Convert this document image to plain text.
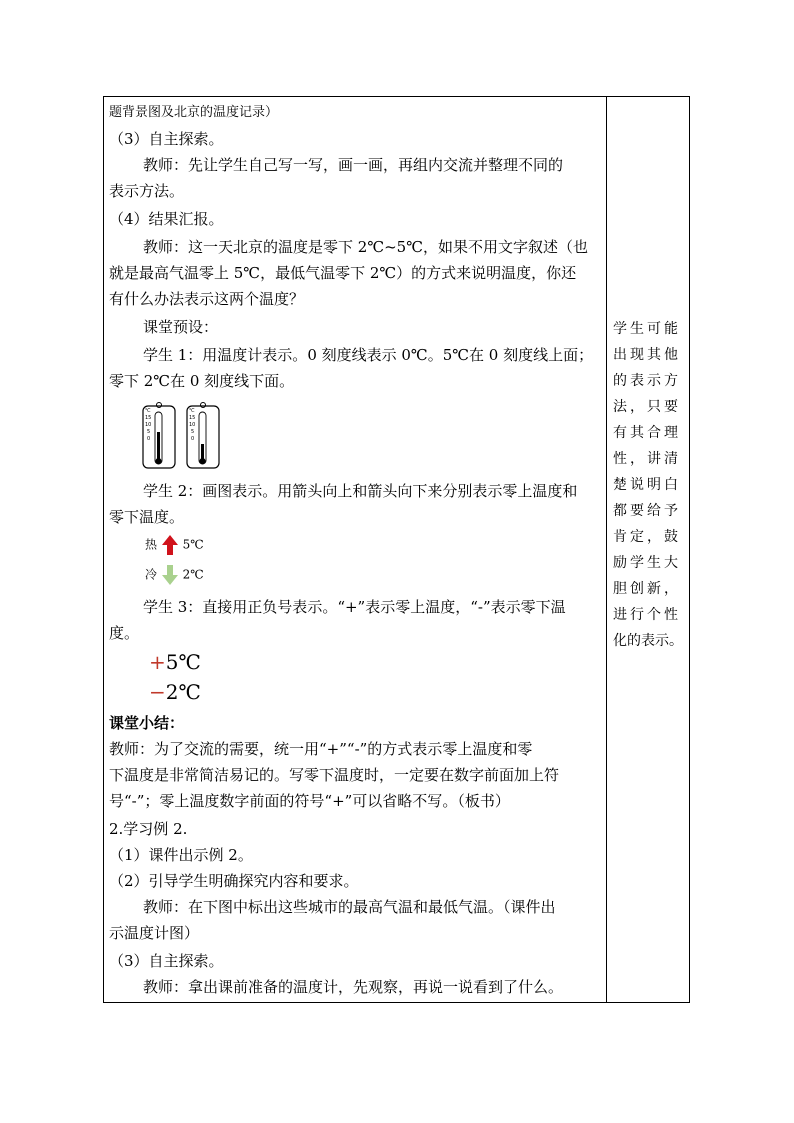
题背景图及北京的温度记录）
（3）自主探索。
教师：先让学生自己写一写，画一画，再组内交流并整理不同的
表示方法。
（4）结果汇报。
教师：这一天北京的温度是零下 2℃~5℃，如果不用文字叙述（也
就是最高气温零上 5℃，最低气温零下 2℃）的方式来说明温度，你还
有什么办法表示这两个温度？
课堂预设：
学生 1：用温度计表示。0 刻度线表示 0℃。5℃在 0 刻度线上面；
零下 2℃在 0 刻度线下面。
℃
15
10
5
0
℃
15
10
5
0
学生 2：画图表示。用箭头向上和箭头向下来分别表示零上温度和
零下温度。
热 5℃
冷 2℃
学生 3：直接用正负号表示。“+”表示零上温度，“-”表示零下温
度。
+5℃
−2℃
课堂小结：
教师：为了交流的需要，统一用“+”“-”的方式表示零上温度和零
下温度是非常简洁易记的。写零下温度时，一定要在数字前面加上符
号“-”；零上温度数字前面的符号“+”可以省略不写。（板书）
2.学习例 2.
（1）课件出示例 2。
（2）引导学生明确探究内容和要求。
教师：在下图中标出这些城市的最高气温和最低气温。（课件出
示温度计图）
（3）自主探索。
教师：拿出课前准备的温度计，先观察，再说一说看到了什么。
学生可能
出现其他
的表示方
法，只要
有其合理
性，讲清
楚说明白
都要给予
肯定，鼓
励学生大
胆创新，
进行个性
化的表示。
